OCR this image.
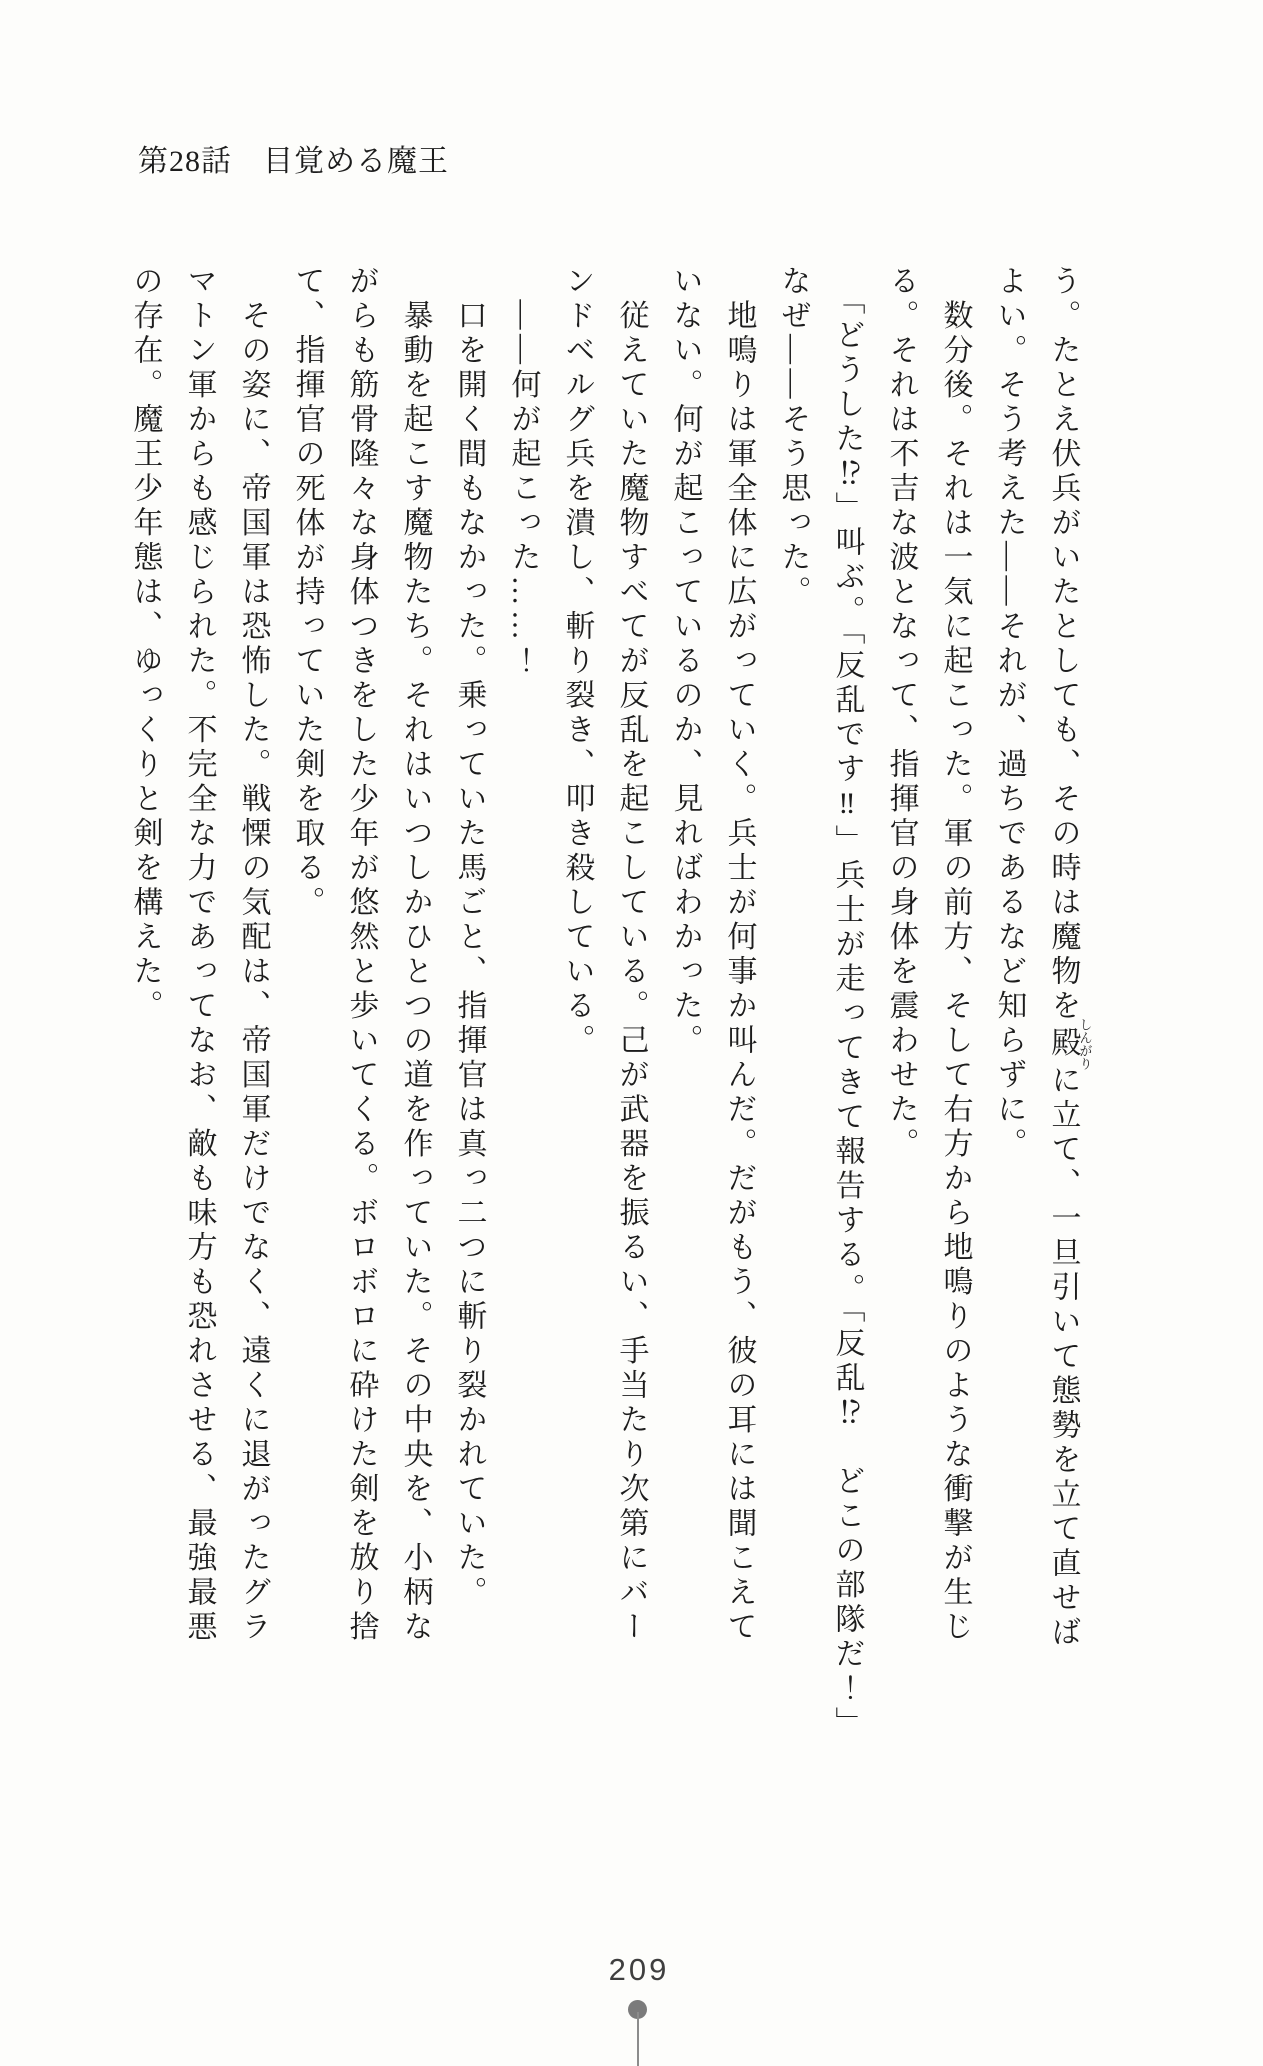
第28話　目覚める魔王

う。たとえ伏兵がいたとしても、その時は魔物を殿しんがりに立て、一旦引いて態勢を立て直せば

よい。そう考えた――それが、過ちであるなど知らずに。

　数分後。それは一気に起こった。軍の前方、そして右方から地鳴りのような衝撃が生じ

る。それは不吉な波となって、指揮官の身体を震わせた。

　「どうした⁉」叫ぶ。「反乱です‼」兵士が走ってきて報告する。「反乱⁉　どこの部隊だ！」

なぜ――そう思った。

　地鳴りは軍全体に広がっていく。兵士が何事か叫んだ。だがもう、彼の耳には聞こえて

いない。何が起こっているのか、見ればわかった。

　従えていた魔物すべてが反乱を起こしている。己が武器を振るい、手当たり次第にバー

ンドベルグ兵を潰し、斬り裂き、叩き殺している。

　――何が起こった……！

　口を開く間もなかった。乗っていた馬ごと、指揮官は真っ二つに斬り裂かれていた。

　暴動を起こす魔物たち。それはいつしかひとつの道を作っていた。その中央を、小柄な

がらも筋骨隆々な身体つきをした少年が悠然と歩いてくる。ボロボロに砕けた剣を放り捨

て、指揮官の死体が持っていた剣を取る。

　その姿に、帝国軍は恐怖した。戦慄の気配は、帝国軍だけでなく、遠くに退がったグラ

マトン軍からも感じられた。不完全な力であってなお、敵も味方も恐れさせる、最強最悪

の存在。魔王少年態は、ゆっくりと剣を構えた。

209
